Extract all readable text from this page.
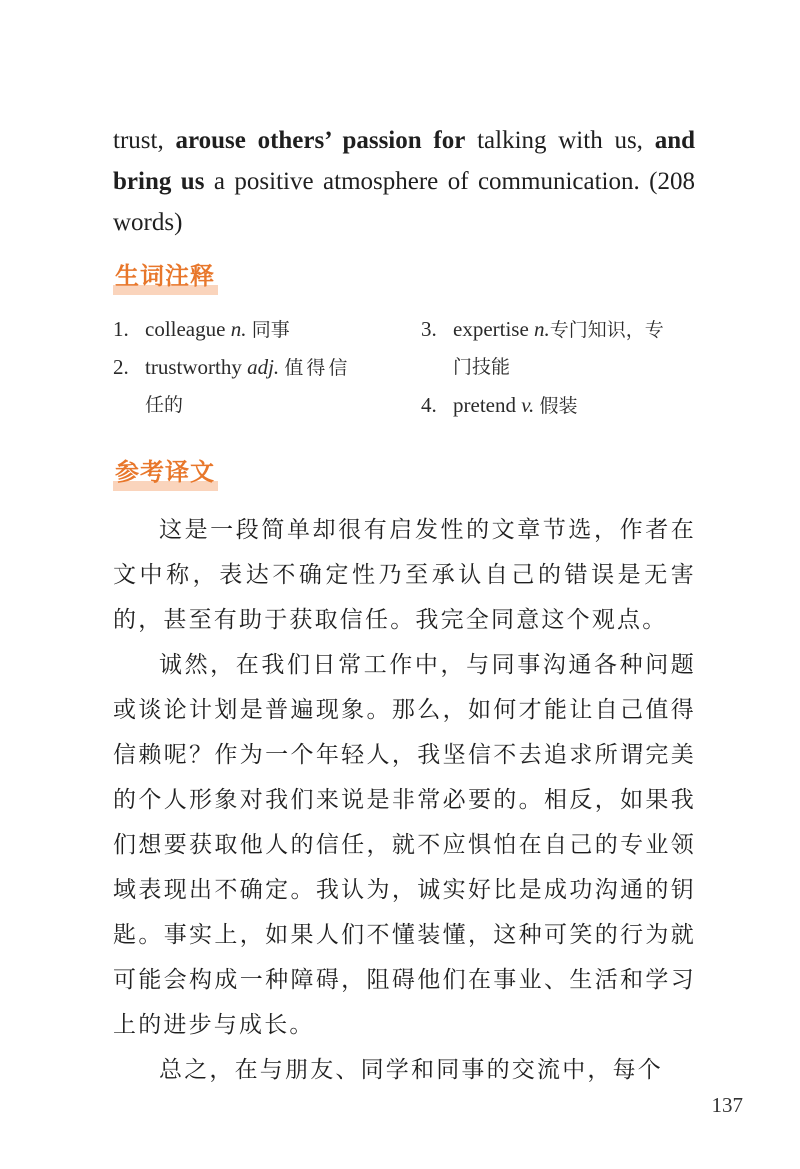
trust, arouse others’ passion for talking with us, and bring us a positive atmosphere of communication. (208 words)
生词注释
1. colleague n. 同事
2. trustworthy adj. 值得信
任的
3. expertise n.专门知识，专
门技能
4. pretend v. 假装
参考译文

这是一段简单却很有启发性的文章节选，作者在文中称，表达不确定性乃至承认自己的错误是无害的，甚至有助于获取信任。我完全同意这个观点。

诚然，在我们日常工作中，与同事沟通各种问题或谈论计划是普遍现象。那么，如何才能让自己值得信赖呢？作为一个年轻人，我坚信不去追求所谓完美的个人形象对我们来说是非常必要的。相反，如果我们想要获取他人的信任，就不应惧怕在自己的专业领域表现出不确定。我认为，诚实好比是成功沟通的钥匙。事实上，如果人们不懂装懂，这种可笑的行为就可能会构成一种障碍，阻碍他们在事业、生活和学习上的进步与成长。

总之，在与朋友、同学和同事的交流中，每个

137
